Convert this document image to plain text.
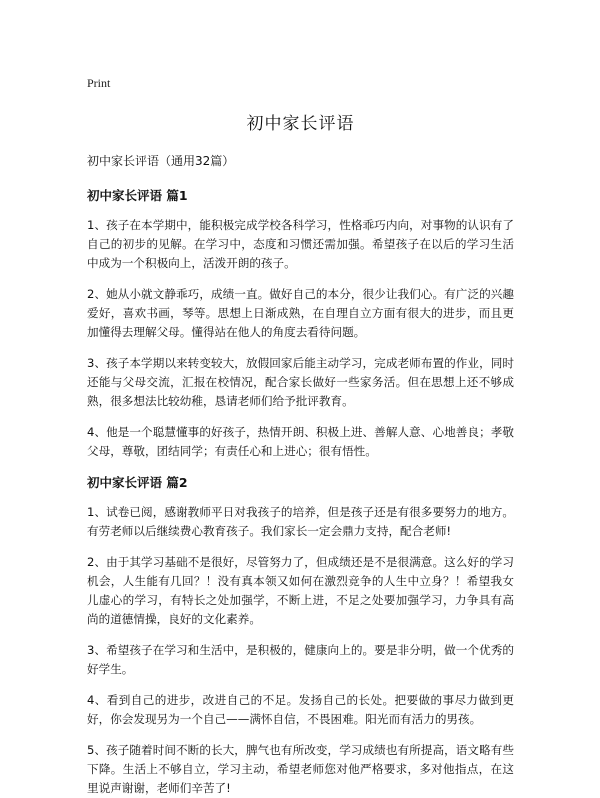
Print
初中家长评语

初中家长评语（通用32篇）

初中家长评语 篇1

1、孩子在本学期中，能积极完成学校各科学习，性格乖巧内向，对事物的认识有了自己的初步的见解。在学习中，态度和习惯还需加强。希望孩子在以后的学习生活中成为一个积极向上，活泼开朗的孩子。

2、她从小就文静乖巧，成绩一直。做好自己的本分，很少让我们心。有广泛的兴趣爱好，喜欢书画，琴等。思想上日渐成熟，在自理自立方面有很大的进步，而且更加懂得去理解父母。懂得站在他人的角度去看待问题。

3、孩子本学期以来转变较大，放假回家后能主动学习，完成老师布置的作业，同时还能与父母交流，汇报在校情况，配合家长做好一些家务活。但在思想上还不够成熟，很多想法比较幼稚，恳请老师们给予批评教育。

4、他是一个聪慧懂事的好孩子，热情开朗、积极上进、善解人意、心地善良；孝敬父母，尊敬，团结同学；有责任心和上进心；很有悟性。

初中家长评语 篇2

1、试卷已阅，感谢教师平日对我孩子的培养，但是孩子还是有很多要努力的地方。有劳老师以后继续费心教育孩子。我们家长一定会鼎力支持，配合老师!

2、由于其学习基础不是很好，尽管努力了，但成绩还是不是很满意。这么好的学习机会，人生能有几回？！没有真本领又如何在激烈竞争的人生中立身？！希望我女儿虚心的学习，有特长之处加强学，不断上进，不足之处要加强学习，力争具有高尚的道德情操，良好的文化素养。

3、希望孩子在学习和生活中，是积极的，健康向上的。要是非分明，做一个优秀的好学生。

4、看到自己的进步，改进自己的不足。发扬自己的长处。把要做的事尽力做到更好，你会发现另为一个自己——满怀自信，不畏困难。阳光而有活力的男孩。

5、孩子随着时间不断的长大，脾气也有所改变，学习成绩也有所提高，语文略有些下降。生活上不够自立，学习主动，希望老师您对他严格要求，多对他指点，在这里说声谢谢，老师们辛苦了!
